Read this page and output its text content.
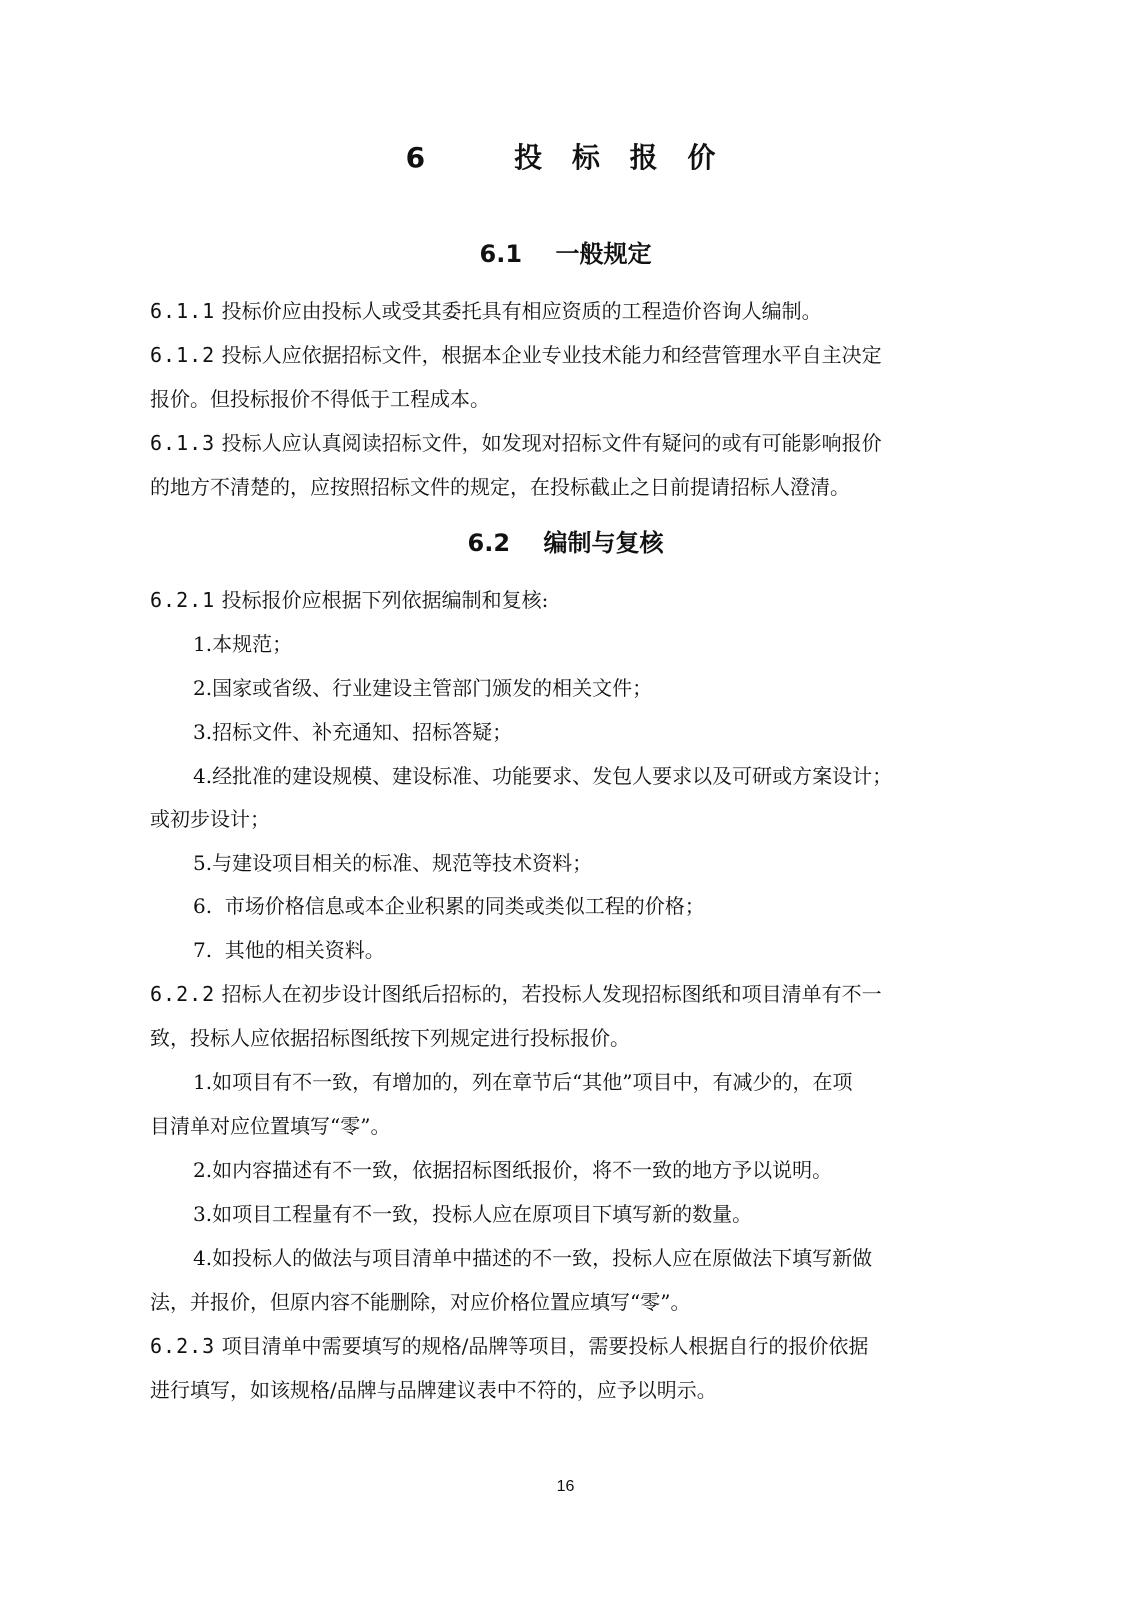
6    投 标 报 价
6.1    一般规定
6.1.1 投标价应由投标人或受其委托具有相应资质的工程造价咨询人编制。
6.1.2 投标人应依据招标文件，根据本企业专业技术能力和经营管理水平自主决定
报价。但投标报价不得低于工程成本。
6.1.3 投标人应认真阅读招标文件，如发现对招标文件有疑问的或有可能影响报价
的地方不清楚的，应按照招标文件的规定，在投标截止之日前提请招标人澄清。
6.2    编制与复核
6.2.1 投标报价应根据下列依据编制和复核:
1.本规范；
2.国家或省级、行业建设主管部门颁发的相关文件；
3.招标文件、补充通知、招标答疑；
4.经批准的建设规模、建设标准、功能要求、发包人要求以及可研或方案设计；
或初步设计；
5.与建设项目相关的标准、规范等技术资料；
6.  市场价格信息或本企业积累的同类或类似工程的价格；
7.  其他的相关资料。
6.2.2 招标人在初步设计图纸后招标的，若投标人发现招标图纸和项目清单有不一
致，投标人应依据招标图纸按下列规定进行投标报价。
1.如项目有不一致，有增加的，列在章节后“其他”项目中，有减少的，在项
目清单对应位置填写“零”。
2.如内容描述有不一致，依据招标图纸报价，将不一致的地方予以说明。
3.如项目工程量有不一致，投标人应在原项目下填写新的数量。
4.如投标人的做法与项目清单中描述的不一致，投标人应在原做法下填写新做
法，并报价，但原内容不能删除，对应价格位置应填写“零”。
6.2.3 项目清单中需要填写的规格/品牌等项目，需要投标人根据自行的报价依据
进行填写，如该规格/品牌与品牌建议表中不符的，应予以明示。
16
